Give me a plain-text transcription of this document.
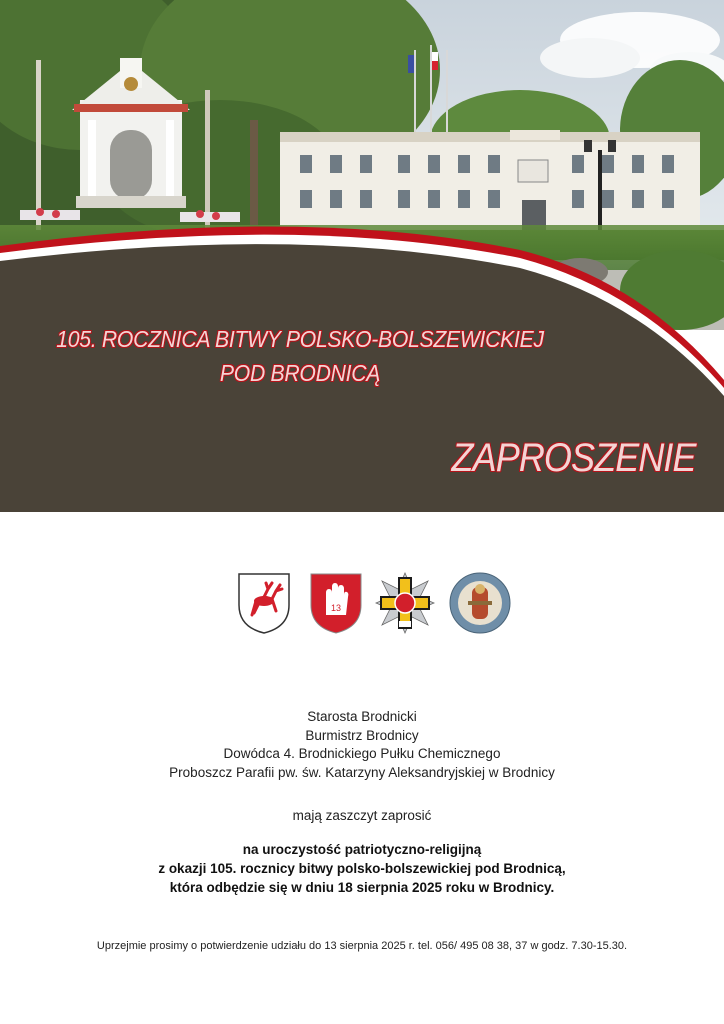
105. ROCZNICA BITWY POLSKO-BOLSZEWICKIEJ
POD BRODNICĄ
ZAPROSZENIE
13
Starosta Brodnicki
Burmistrz Brodnicy
Dowódca 4. Brodnickiego Pułku Chemicznego
Proboszcz Parafii pw. św. Katarzyny Aleksandryjskiej w Brodnicy
mają zaszczyt zaprosić
na uroczystość patriotyczno-religijną
z okazji 105. rocznicy bitwy polsko-bolszewickiej pod Brodnicą,
która odbędzie się w dniu 18 sierpnia 2025 roku w Brodnicy.
Uprzejmie prosimy o potwierdzenie udziału do 13 sierpnia 2025 r. tel. 056/ 495 08 38, 37 w godz. 7.30-15.30.
